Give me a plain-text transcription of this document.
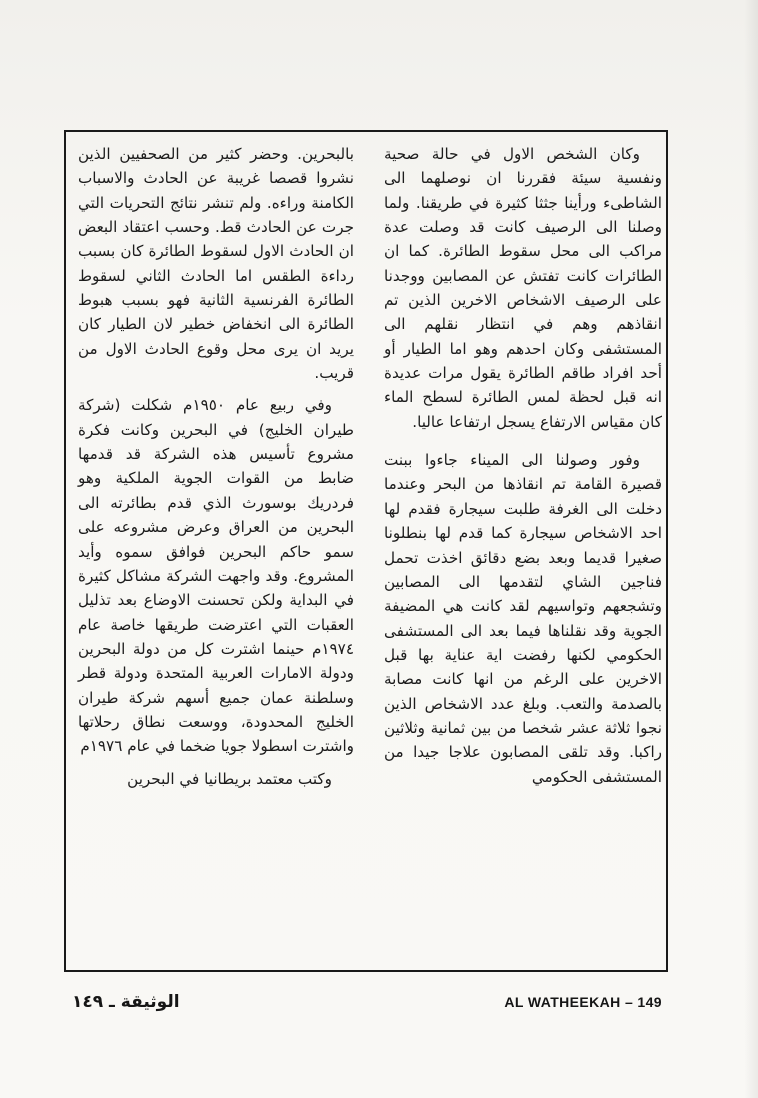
وكان الشخص الاول في حالة صحية ونفسية سيئة فقررنا ان نوصلهما الى الشاطىء ورأينا جثثا كثيرة في طريقنا. ولما وصلنا الى الرصيف كانت قد وصلت عدة مراكب الى محل سقوط الطائرة. كما ان الطائرات كانت تفتش عن المصابين ووجدنا على الرصيف الاشخاص الاخرين الذين تم انقاذهم وهم في انتظار نقلهم الى المستشفى وكان احدهم وهو اما الطيار أو أحد افراد طاقم الطائرة يقول مرات عديدة انه قبل لحظة لمس الطائرة لسطح الماء كان مقياس الارتفاع يسجل ارتفاعا عاليا.

وفور وصولنا الى الميناء جاءوا ببنت قصيرة القامة تم انقاذها من البحر وعندما دخلت الى الغرفة طلبت سيجارة فقدم لها احد الاشخاص سيجارة كما قدم لها بنطلونا صغيرا قديما وبعد بضع دقائق اخذت تحمل فناجين الشاي لتقدمها الى المصابين وتشجعهم وتواسيهم لقد كانت هي المضيفة الجوية وقد نقلناها فيما بعد الى المستشفى الحكومي لكنها رفضت اية عناية بها قبل الاخرين على الرغم من انها كانت مصابة بالصدمة والتعب. وبلغ عدد الاشخاص الذين نجوا ثلاثة عشر شخصا من بين ثمانية وثلاثين راكبا. وقد تلقى المصابون علاجا جيدا من المستشفى الحكومي

بالبحرين. وحضر كثير من الصحفيين الذين نشروا قصصا غريبة عن الحادث والاسباب الكامنة وراءه. ولم تنشر نتائج التحريات التي جرت عن الحادث قط. وحسب اعتقاد البعض ان الحادث الاول لسقوط الطائرة كان بسبب رداءة الطقس اما الحادث الثاني لسقوط الطائرة الفرنسية الثانية فهو بسبب هبوط الطائرة الى انخفاض خطير لان الطيار كان يريد ان يرى محل وقوع الحادث الاول من قريب.

وفي ربيع عام ١٩٥٠م شكلت (شركة طيران الخليج) في البحرين وكانت فكرة مشروع تأسيس هذه الشركة قد قدمها ضابط من القوات الجوية الملكية وهو فردريك بوسورث الذي قدم بطائرته الى البحرين من العراق وعرض مشروعه على سمو حاكم البحرين فوافق سموه وأيد المشروع. وقد واجهت الشركة مشاكل كثيرة في البداية ولكن تحسنت الاوضاع بعد تذليل العقبات التي اعترضت طريقها خاصة عام ١٩٧٤م حينما اشترت كل من دولة البحرين ودولة الامارات العربية المتحدة ودولة قطر وسلطنة عمان جميع أسهم شركة طيران الخليج المحدودة، ووسعت نطاق رحلاتها واشترت اسطولا جويا ضخما في عام ١٩٧٦م

وكتب معتمد بريطانيا في البحرين

الوثيقة ـ ١٤٩	AL WATHEEKAH – 149
